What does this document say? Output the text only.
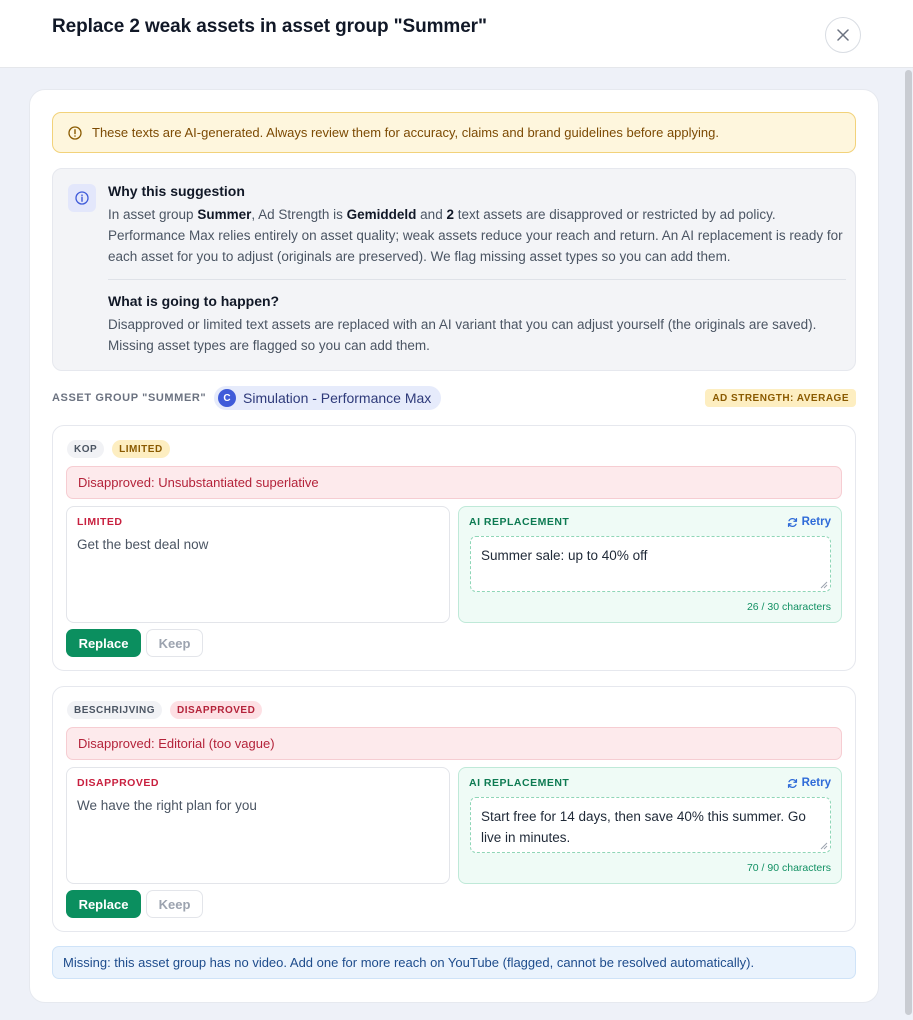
Replace 2 weak assets in asset group "Summer"
These texts are AI-generated. Always review them for accuracy, claims and brand guidelines before applying.
Why this suggestion

In asset group Summer, Ad Strength is Gemiddeld and 2 text assets are disapproved or restricted by ad policy. Performance Max relies entirely on asset quality; weak assets reduce your reach and return. An AI replacement is ready for each asset for you to adjust (originals are preserved). We flag missing asset types so you can add them.

What is going to happen?

Disapproved or limited text assets are replaced with an AI variant that you can adjust yourself (the originals are saved). Missing asset types are flagged so you can add them.

ASSET GROUP "SUMMER"	C Simulation - Performance Max	AD STRENGTH: AVERAGE
KOP	LIMITED
Disapproved: Unsubstantiated superlative
LIMITED
Get the best deal now
AI REPLACEMENT	Retry
Summer sale: up to 40% off
26 / 30 characters
Replace	Keep
BESCHRIJVING	DISAPPROVED
Disapproved: Editorial (too vague)
DISAPPROVED
We have the right plan for you
AI REPLACEMENT	Retry
Start free for 14 days, then save 40% this summer. Go live in minutes.
70 / 90 characters
Replace	Keep
Missing: this asset group has no video. Add one for more reach on YouTube (flagged, cannot be resolved automatically).
